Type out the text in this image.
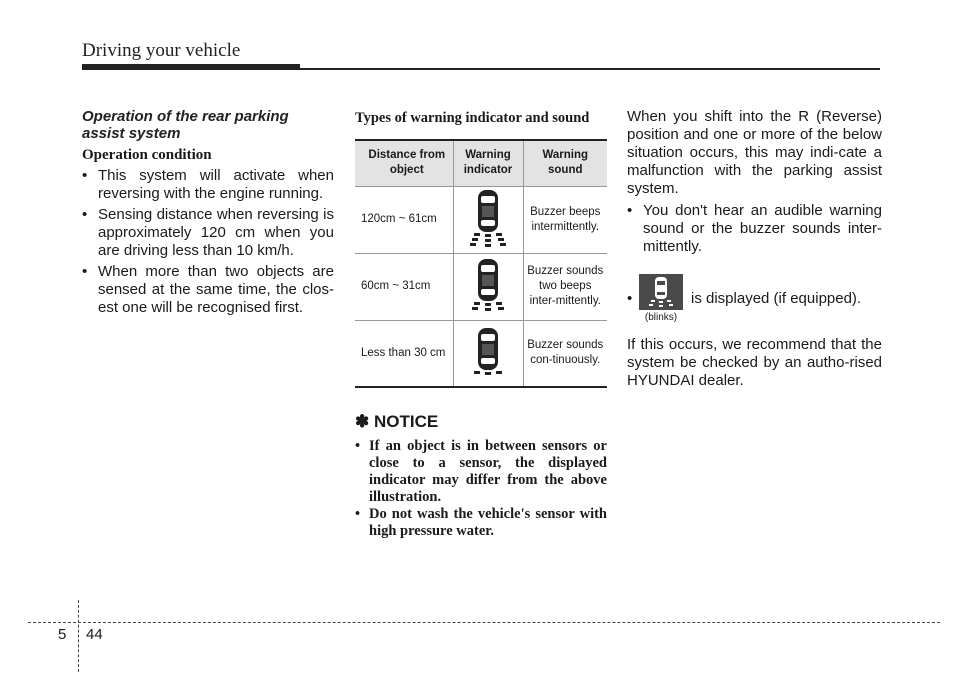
Driving your vehicle
Operation of the rear parking assist system
Operation condition
• This system will activate when reversing with the engine running.
• Sensing distance when reversing is approximately 120 cm when you are driving less than 10 km/h.
• When more than two objects are sensed at the same time, the clos-est one will be recognised first.
Types of warning indicator and sound
Distance from object	Warning indicator	Warning sound
120cm ~ 61cm		Buzzer beeps intermittently.
60cm ~ 31cm		Buzzer sounds two beeps inter-mittently.
Less than 30 cm		Buzzer sounds con-tinuously.
✽ NOTICE
• If an object is in between sensors or close to a sensor, the displayed indicator may differ from the above illustration.
• Do not wash the vehicle's sensor with high pressure water.
When you shift into the R (Reverse) position and one or more of the below situation occurs, this may indi-cate a malfunction with the parking assist system.
• You don't hear an audible warning sound or the buzzer sounds inter-mittently.
•
(blinks)
is displayed (if equipped).
If this occurs, we recommend that the system be checked by an autho-rised HYUNDAI dealer.
5 44
